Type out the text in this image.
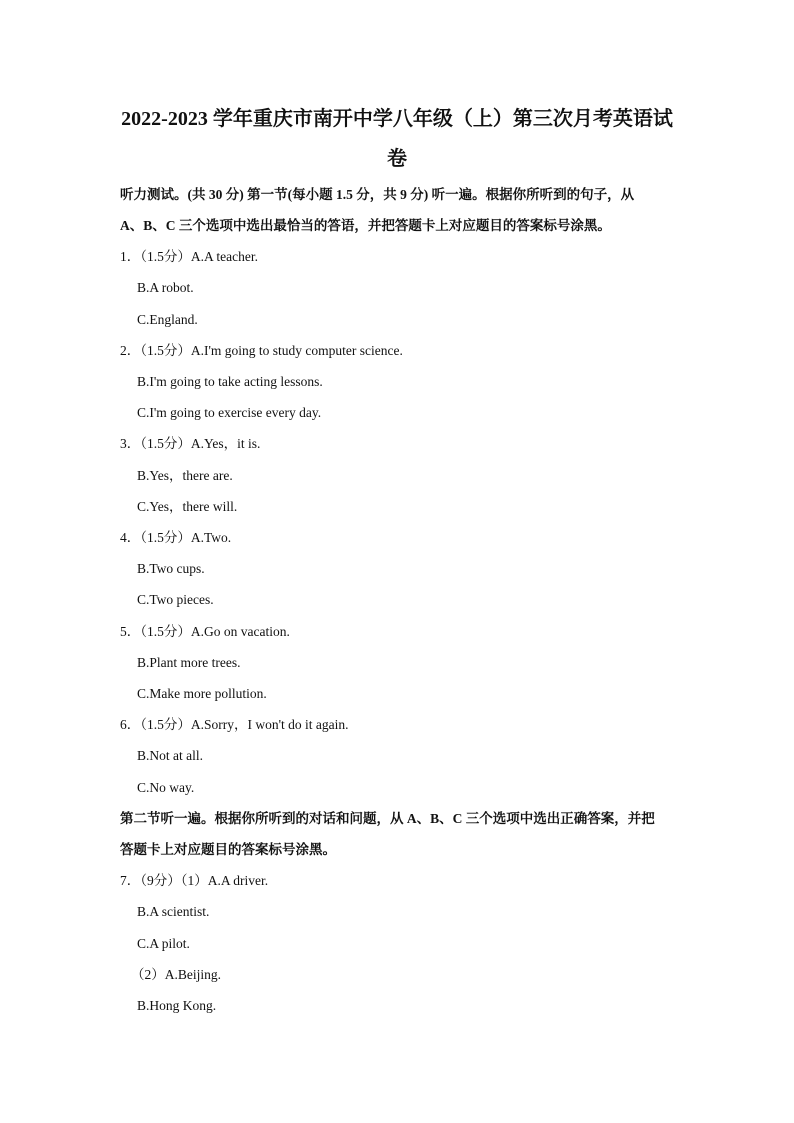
2022-2023 学年重庆市南开中学八年级（上）第三次月考英语试
卷
听力测试。(共 30 分) 第一节(每小题 1.5 分，共 9 分) 听一遍。根据你所听到的句子，从
A、B、C 三个选项中选出最恰当的答语，并把答题卡上对应题目的答案标号涂黑。
1．（1.5分）A.A teacher.
B.A robot.
C.England.
2．（1.5分）A.I'm going to study computer science.
B.I'm going to take acting lessons.
C.I'm going to exercise every day.
3．（1.5分）A.Yes，it is.
B.Yes，there are.
C.Yes，there will.
4．（1.5分）A.Two.
B.Two cups.
C.Two pieces.
5．（1.5分）A.Go on vacation.
B.Plant more trees.
C.Make more pollution.
6．（1.5分）A.Sorry，I won't do it again.
B.Not at all.
C.No way.
第二节听一遍。根据你所听到的对话和问题，从 A、B、C 三个选项中选出正确答案，并把
答题卡上对应题目的答案标号涂黑。
7．（9分）（1）A.A driver.
B.A scientist.
C.A pilot.
（2）A.Beijing.
B.Hong Kong.
